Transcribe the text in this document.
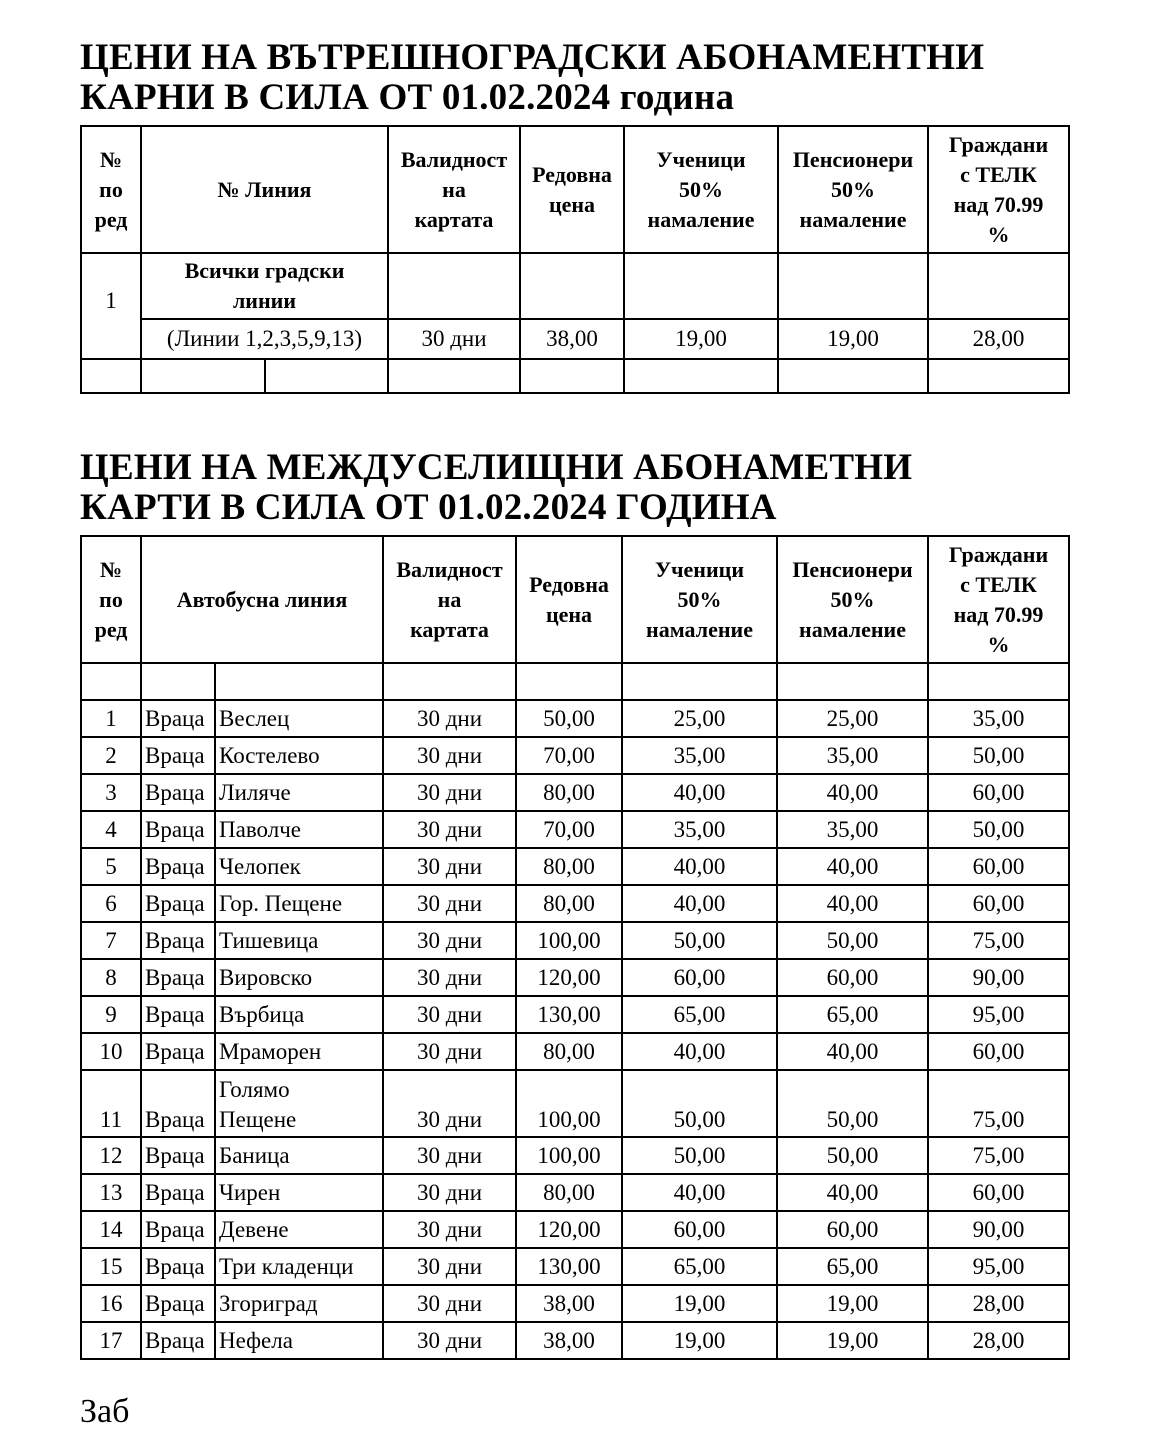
ЦЕНИ НА ВЪТРЕШНОГРАДСКИ АБОНАМЕНТНИ
КАРНИ В СИЛА ОТ 01.02.2024 година
№
по
ред	№ Линия		Валидност
на
картата	Редовна
цена	Ученици
50%
намаление	Пенсионери
50%
намаление	Граждани
с ТЕЛК
над 70.99
%
1	Всички градски
линии						
	(Линии 1,2,3,5,9,13)		30 дни	38,00	19,00	19,00	28,00

ЦЕНИ НА МЕЖДУСЕЛИЩНИ АБОНАМЕТНИ
КАРТИ В СИЛА ОТ 01.02.2024 ГОДИНА
№
по
ред	Автобусна линия		Валидност
на
картата	Редовна
цена	Ученици
50%
намаление	Пенсионери
50%
намаление	Граждани
с ТЕЛК
над 70.99
%

1	Враца	Веслец	30 дни	50,00	25,00	25,00	35,00
2	Враца	Костелево	30 дни	70,00	35,00	35,00	50,00
3	Враца	Лиляче	30 дни	80,00	40,00	40,00	60,00
4	Враца	Паволче	30 дни	70,00	35,00	35,00	50,00
5	Враца	Челопек	30 дни	80,00	40,00	40,00	60,00
6	Враца	Гор. Пещене	30 дни	80,00	40,00	40,00	60,00
7	Враца	Тишевица	30 дни	100,00	50,00	50,00	75,00
8	Враца	Вировско	30 дни	120,00	60,00	60,00	90,00
9	Враца	Върбица	30 дни	130,00	65,00	65,00	95,00
10	Враца	Мраморен	30 дни	80,00	40,00	40,00	60,00
11	Враца	Голямо
Пещене	30 дни	100,00	50,00	50,00	75,00
12	Враца	Баница	30 дни	100,00	50,00	50,00	75,00
13	Враца	Чирен	30 дни	80,00	40,00	40,00	60,00
14	Враца	Девене	30 дни	120,00	60,00	60,00	90,00
15	Враца	Три кладенци	30 дни	130,00	65,00	65,00	95,00
16	Враца	Згориград	30 дни	38,00	19,00	19,00	28,00
17	Враца	Нефела	30 дни	38,00	19,00	19,00	28,00

Заб
